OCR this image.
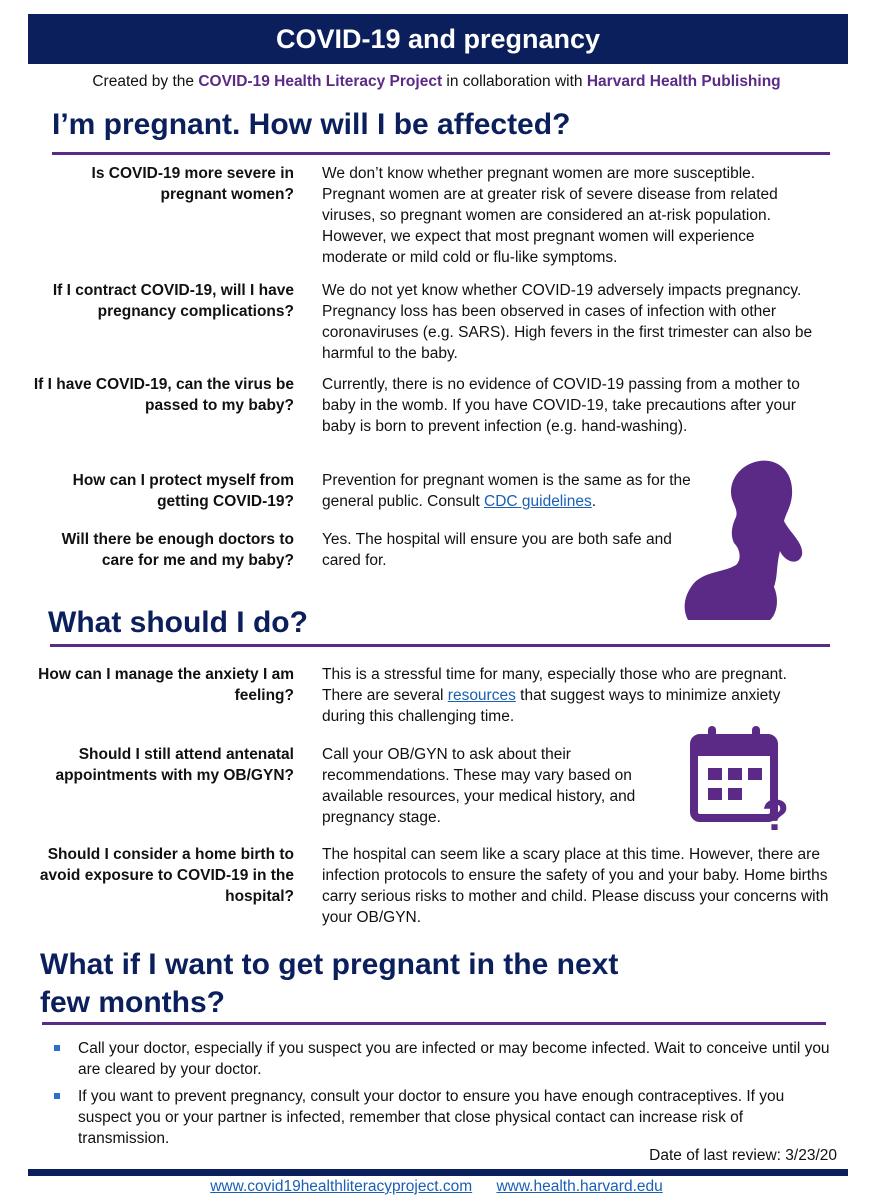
COVID-19 and pregnancy
Created by the COVID-19 Health Literacy Project in collaboration with Harvard Health Publishing
I’m pregnant. How will I be affected?
Is COVID-19 more severe in pregnant women?
We don’t know whether pregnant women are more susceptible. Pregnant women are at greater risk of severe disease from related viruses, so pregnant women are considered an at-risk population. However, we expect that most pregnant women will experience moderate or mild cold or flu-like symptoms.
If I contract COVID-19, will I have pregnancy complications?
We do not yet know whether COVID-19 adversely impacts pregnancy. Pregnancy loss has been observed in cases of infection with other coronaviruses (e.g. SARS). High fevers in the first trimester can also be harmful to the baby.
If I have COVID-19, can the virus be passed to my baby?
Currently, there is no evidence of COVID-19 passing from a mother to baby in the womb. If you have COVID-19, take precautions after your baby is born to prevent infection (e.g. hand-washing).
How can I protect myself from getting COVID-19?
Prevention for pregnant women is the same as for the general public. Consult CDC guidelines.
Will there be enough doctors to care for me and my baby?
Yes. The hospital will ensure you are both safe and cared for.
What should I do?
How can I manage the anxiety I am feeling?
This is a stressful time for many, especially those who are pregnant. There are several resources that suggest ways to minimize anxiety during this challenging time.
Should I still attend antenatal appointments with my OB/GYN?
Call your OB/GYN to ask about their recommendations. These may vary based on available resources, your medical history, and pregnancy stage.	?
Should I consider a home birth to avoid exposure to COVID-19 in the hospital?
The hospital can seem like a scary place at this time. However, there are infection protocols to ensure the safety of you and your baby. Home births carry serious risks to mother and child. Please discuss your concerns with your OB/GYN.
What if I want to get pregnant in the next
few months?
Call your doctor, especially if you suspect you are infected or may become infected. Wait to conceive until you are cleared by your doctor.
If you want to prevent pregnancy, consult your doctor to ensure you have enough contraceptives. If you suspect you or your partner is infected, remember that close physical contact can increase risk of transmission.
Date of last review: 3/23/20
www.covid19healthliteracyproject.com www.health.harvard.edu
